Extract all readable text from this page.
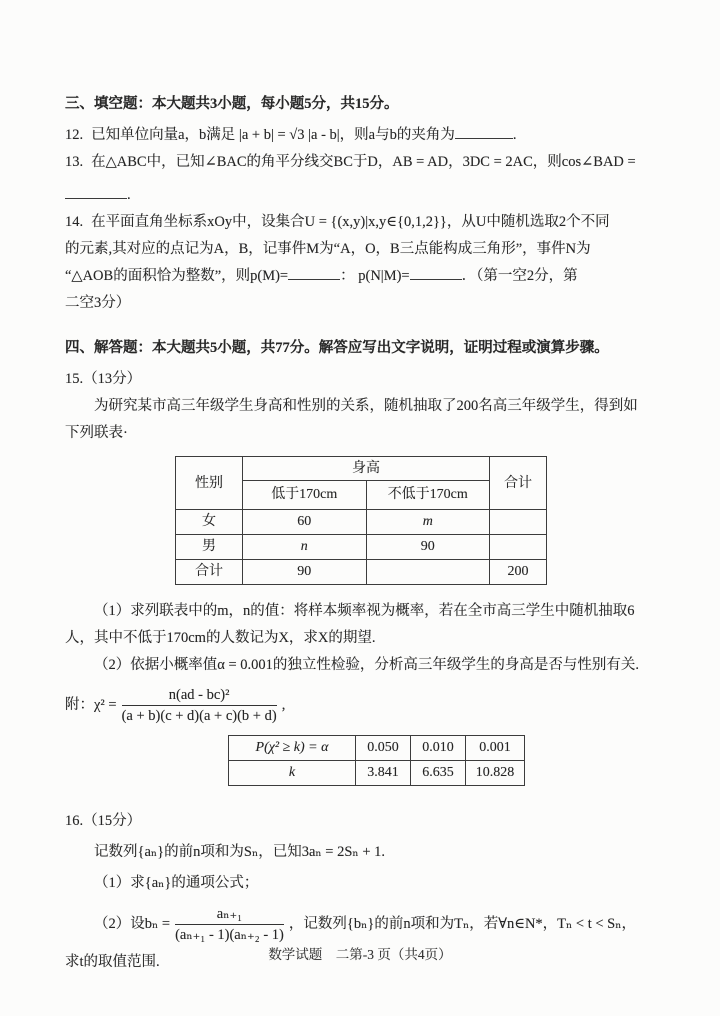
三、填空题：本大题共3小题，每小题5分，共15分。
12. 已知单位向量a，b满足 |a + b| = √3 |a - b|，则a与b的夹角为	.
13. 在△ABC中，已知∠BAC的角平分线交BC于D，AB = AD，3DC = 2AC，则cos∠BAD =
.
14. 在平面直角坐标系xOy中，设集合U = {(x,y)|x,y∈{0,1,2}}，从U中随机选取2个不同
的元素,其对应的点记为A，B，记事件M为“A，O，B三点能构成三角形”，事件N为
“△AOB的面积恰为整数”，则p(M)=	： p(N|M)=	．（第一空2分，第
二空3分）
四、解答题：本大题共5小题，共77分。解答应写出文字说明，证明过程或演算步骤。
15.（13分）
为研究某市高三年级学生身高和性别的关系，随机抽取了200名高三年级学生，得到如
下列联表·
性别	身高		合计
	低于170cm	不低于170cm	
女	60	m	
男	n	90	
合计	90		200
（1）求列联表中的m，n的值：将样本频率视为概率，若在全市高三学生中随机抽取6
人，其中不低于170cm的人数记为X，求X的期望.
（2）依据小概率值α = 0.001的独立性检验，分析高三年级学生的身高是否与性别有关.
附：$\chi^2 = \frac{\text{n(ad - bc)²}}{(a + b)(c + d)(a + c)(b + d)}$ ,
P(χ² ≥ k) = α	0.050	0.010	0.001
k	3.841	6.635	10.828
16.（15分）
记数列{aₙ}的前n项和为Sₙ，已知3aₙ = 2Sₙ + 1.
（1）求{aₙ}的通项公式；
（2）设$b_n = \frac{\text{aₙ₊₁}}{\text{(aₙ₊₁ - 1)(aₙ₊₂ - 1)}}$ ，记数列{bₙ}的前n项和为Tₙ，若∀n∈N*，Tₙ < t < Sₙ，
求t的取值范围.	数学试题　二第-3 页（共4页）
